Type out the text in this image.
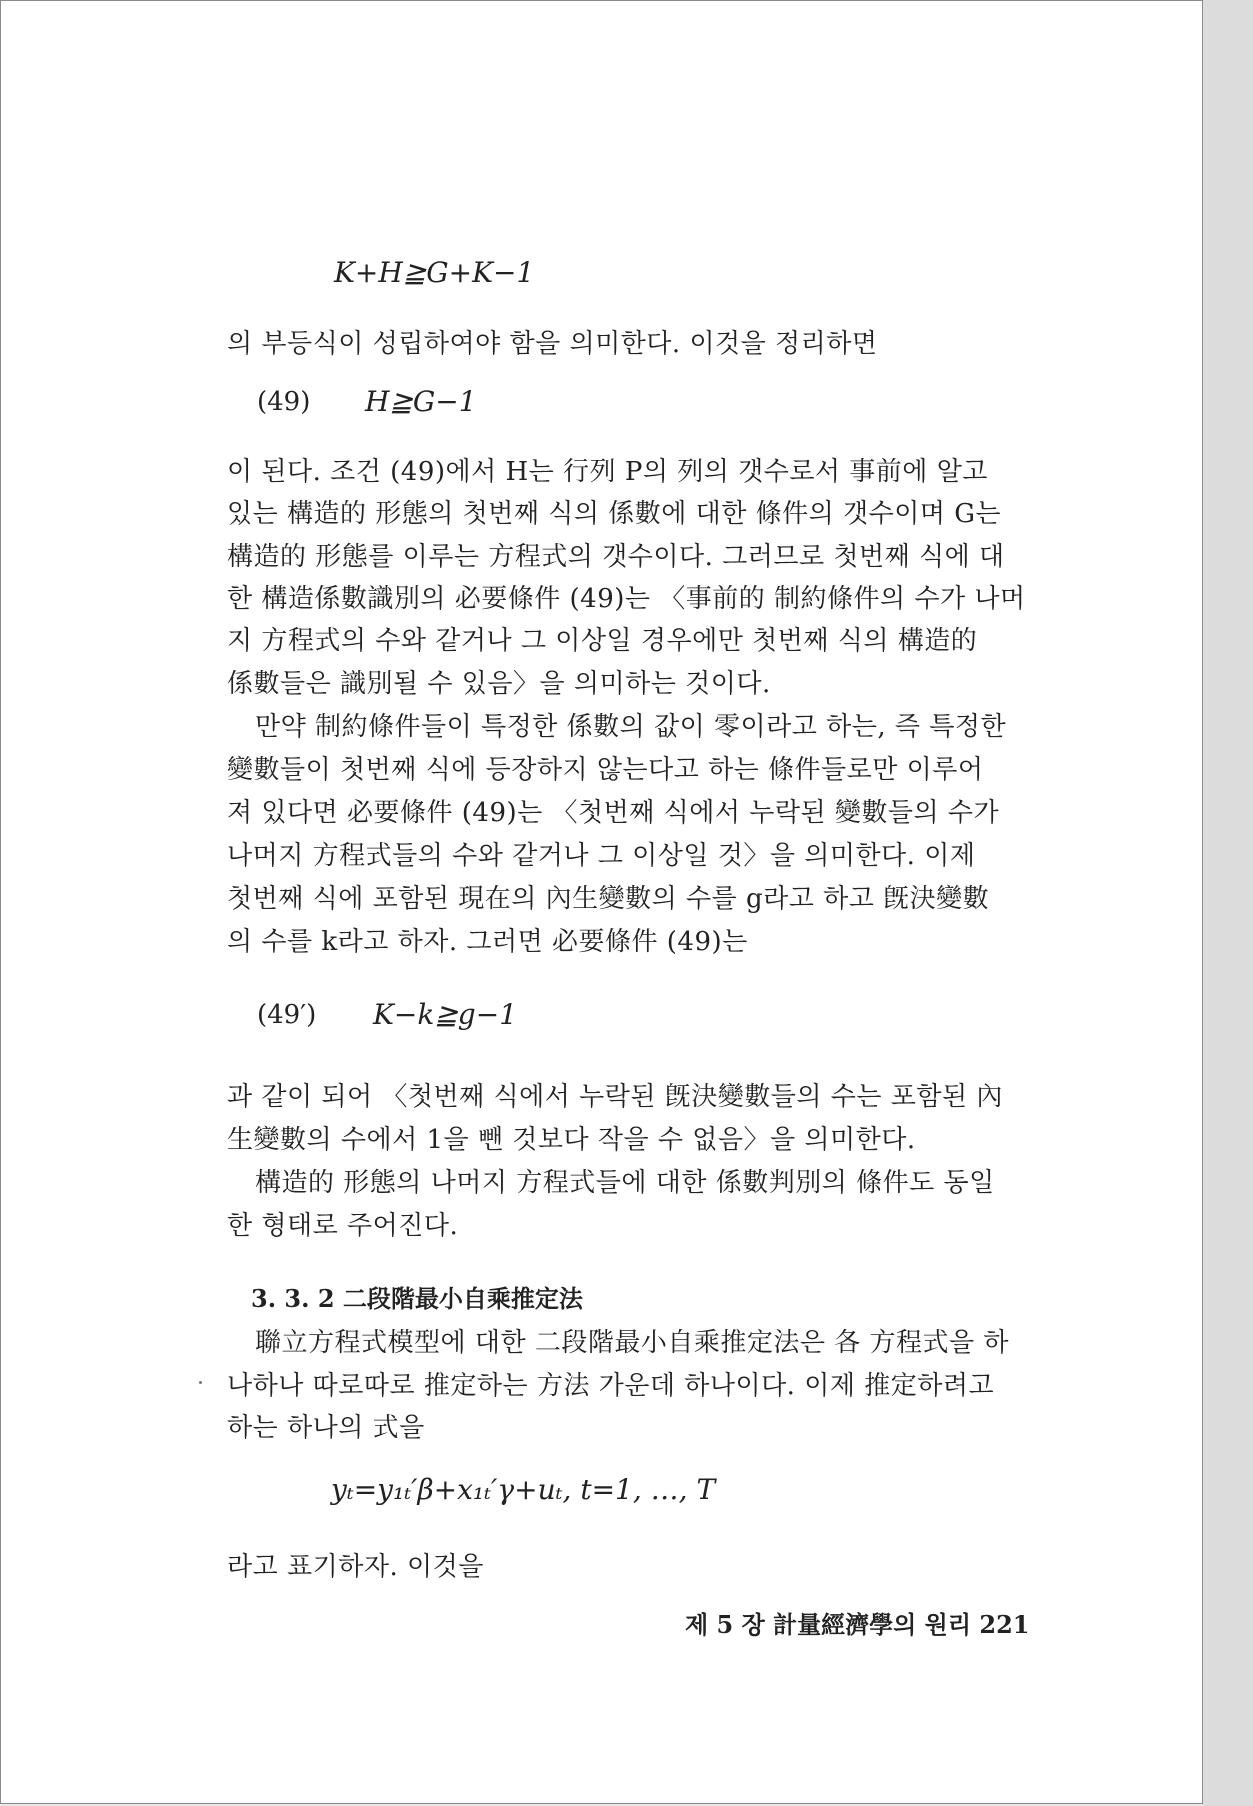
K+H≧G+K−1
의 부등식이 성립하여야 함을 의미한다. 이것을 정리하면
(49) H≧G−1
이 된다. 조건 (49)에서 H는 行列 P의 列의 갯수로서 事前에 알고
있는 構造的 形態의 첫번째 식의 係數에 대한 條件의 갯수이며 G는
構造的 形態를 이루는 方程式의 갯수이다. 그러므로 첫번째 식에 대
한 構造係數識別의 必要條件 (49)는 〈事前的 制約條件의 수가 나머
지 方程式의 수와 같거나 그 이상일 경우에만 첫번째 식의 構造的
係數들은 識別될 수 있음〉을 의미하는 것이다.
만약 制約條件들이 특정한 係數의 값이 零이라고 하는, 즉 특정한
變數들이 첫번째 식에 등장하지 않는다고 하는 條件들로만 이루어
져 있다면 必要條件 (49)는 〈첫번째 식에서 누락된 變數들의 수가
나머지 方程式들의 수와 같거나 그 이상일 것〉을 의미한다. 이제
첫번째 식에 포함된 現在의 內生變數의 수를 g라고 하고 旣決變數
의 수를 k라고 하자. 그러면 必要條件 (49)는
(49′) K−k≧g−1
과 같이 되어 〈첫번째 식에서 누락된 旣決變數들의 수는 포함된 內
生變數의 수에서 1을 뺀 것보다 작을 수 없음〉을 의미한다.
構造的 形態의 나머지 方程式들에 대한 係數判別의 條件도 동일
한 형태로 주어진다.
3. 3. 2 二段階最小自乘推定法
聯立方程式模型에 대한 二段階最小自乘推定法은 各 方程式을 하
나하나 따로따로 推定하는 方法 가운데 하나이다. 이제 推定하려고
하는 하나의 式을
yₜ=y₁ₜ′β+x₁ₜ′γ+uₜ, t=1, …, T
라고 표기하자. 이것을
제 5 장 計量經濟學의 원리 221
